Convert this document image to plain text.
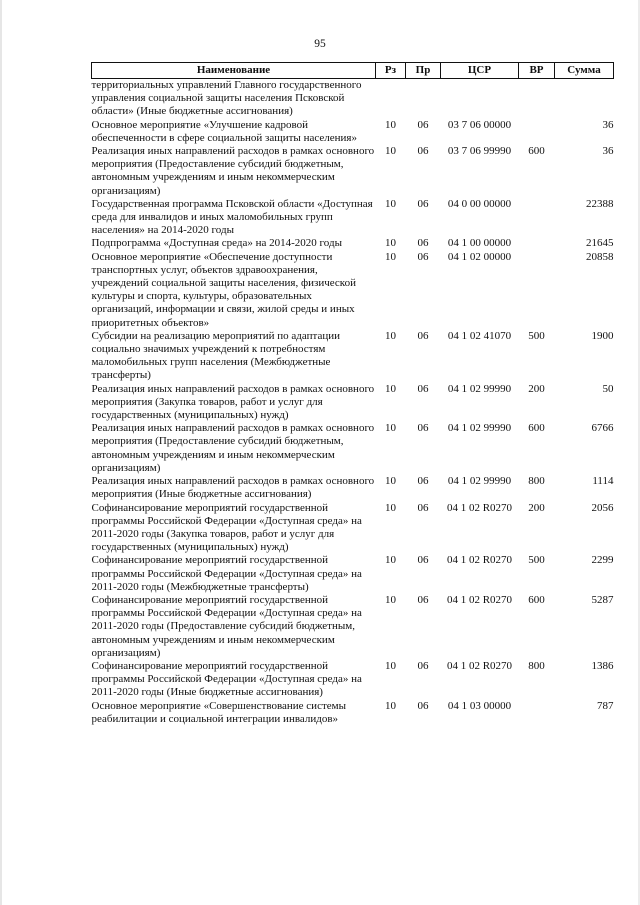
95
Наименование	Рз	Пр	ЦСР	ВР	Сумма
территориальных управлений Главного государственного управления социальной защиты населения Псковской области» (Иные бюджетные ассигнования)					
Основное мероприятие «Улучшение кадровой обеспеченности в сфере социальной защиты населения»	10	06	03 7 06 00000		36
Реализация иных направлений расходов в рамках основного мероприятия (Предоставление субсидий бюджетным, автономным учреждениям и иным некоммерческим организациям)	10	06	03 7 06 99990	600	36
Государственная программа Псковской области «Доступная среда для инвалидов и иных маломобильных групп населения» на 2014-2020 годы	10	06	04 0 00 00000		22388
Подпрограмма «Доступная среда» на 2014-2020 годы	10	06	04 1 00 00000		21645
Основное мероприятие «Обеспечение доступности транспортных услуг, объектов здравоохранения, учреждений социальной защиты населения, физической культуры и спорта, культуры, образовательных организаций, информации и связи, жилой среды и иных приоритетных объектов»	10	06	04 1 02 00000		20858
Субсидии на реализацию мероприятий по адаптации социально значимых учреждений к потребностям маломобильных групп населения (Межбюджетные трансферты)	10	06	04 1 02 41070	500	1900
Реализация иных направлений расходов в рамках основного мероприятия (Закупка товаров, работ и услуг для государственных (муниципальных) нужд)	10	06	04 1 02 99990	200	50
Реализация иных направлений расходов в рамках основного мероприятия (Предоставление субсидий бюджетным, автономным учреждениям и иным некоммерческим организациям)	10	06	04 1 02 99990	600	6766
Реализация иных направлений расходов в рамках основного мероприятия (Иные бюджетные ассигнования)	10	06	04 1 02 99990	800	1114
Софинансирование мероприятий государственной программы Российской Федерации «Доступная среда» на 2011-2020 годы (Закупка товаров, работ и услуг для государственных (муниципальных) нужд)	10	06	04 1 02 R0270	200	2056
Софинансирование мероприятий государственной программы Российской Федерации «Доступная среда» на 2011-2020 годы (Межбюджетные трансферты)	10	06	04 1 02 R0270	500	2299
Софинансирование мероприятий государственной программы Российской Федерации «Доступная среда» на 2011-2020 годы (Предоставление субсидий бюджетным, автономным учреждениям и иным некоммерческим организациям)	10	06	04 1 02 R0270	600	5287
Софинансирование мероприятий государственной программы Российской Федерации «Доступная среда» на 2011-2020 годы (Иные бюджетные ассигнования)	10	06	04 1 02 R0270	800	1386
Основное мероприятие «Совершенствование системы реабилитации и социальной интеграции инвалидов»	10	06	04 1 03 00000		787
